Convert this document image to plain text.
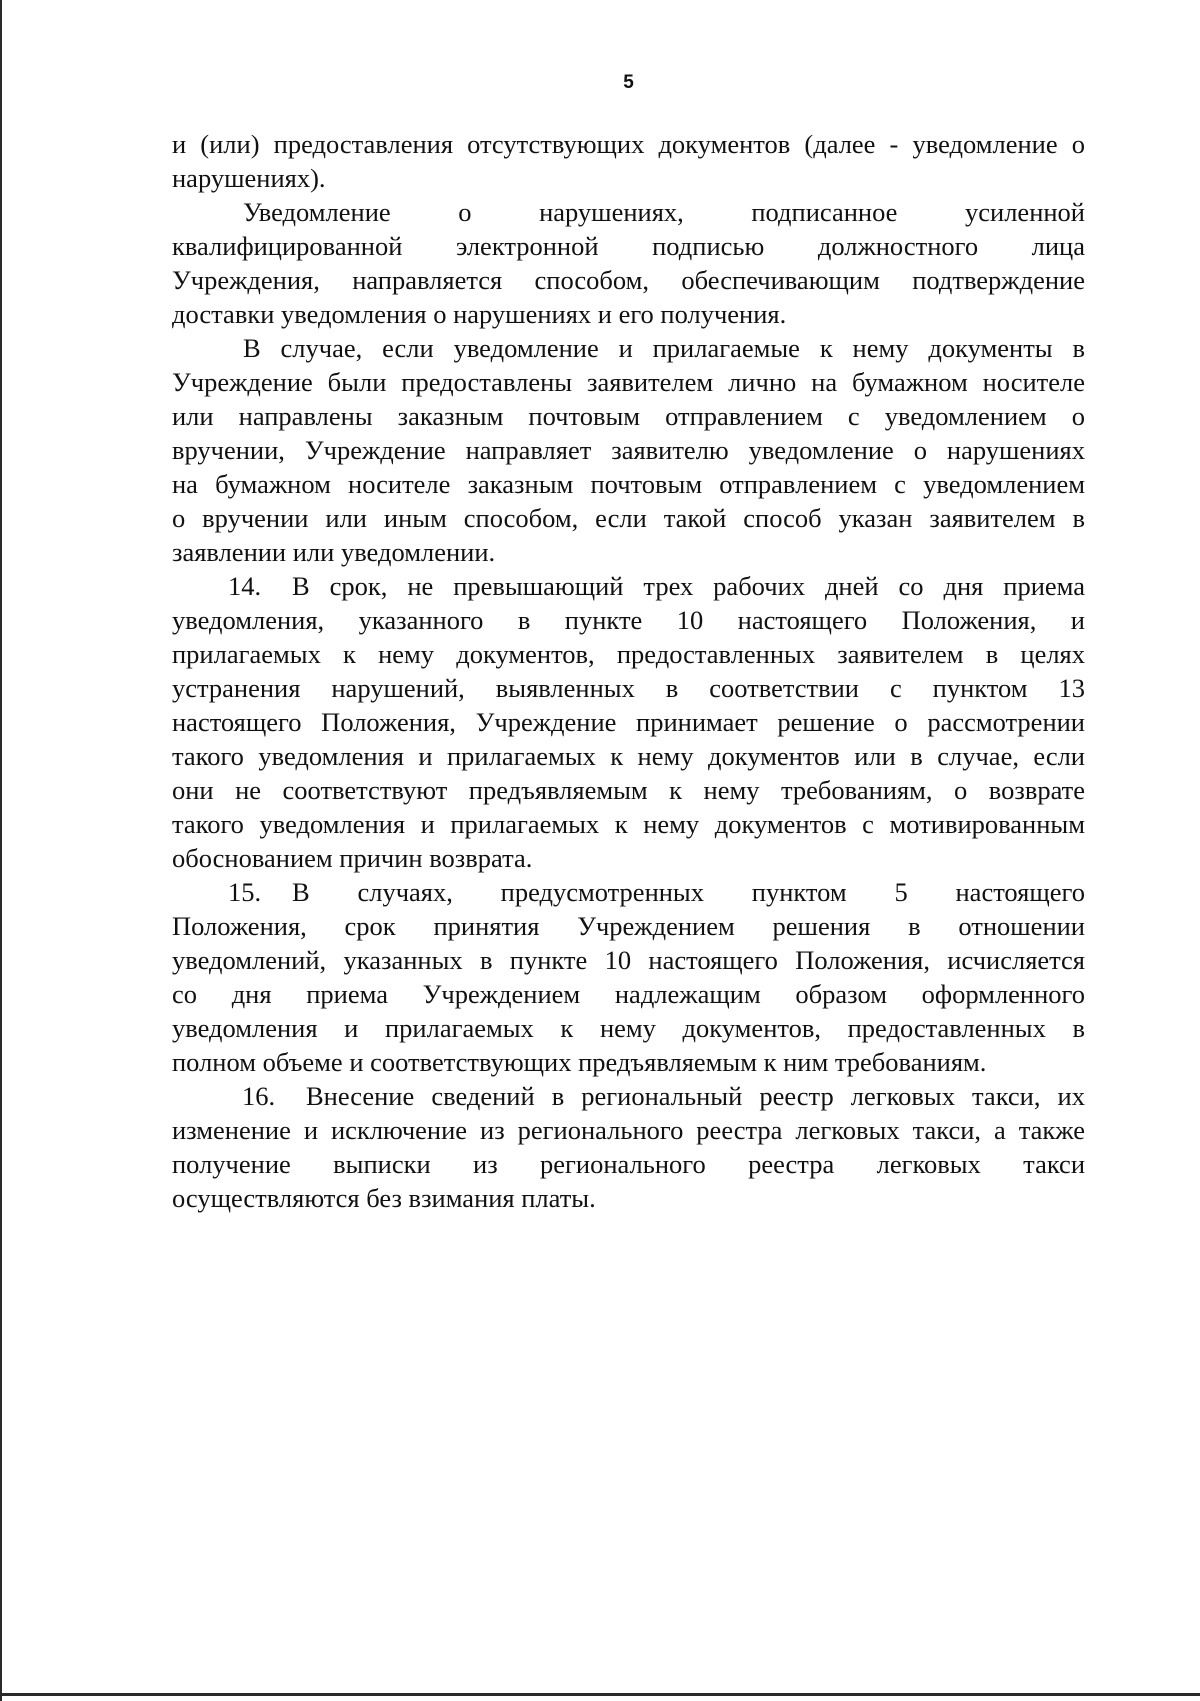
5
и (или) предоставления отсутствующих документов (далее - уведомление о
нарушениях).
Уведомление о нарушениях, подписанное усиленной
квалифицированной электронной подписью должностного лица
Учреждения, направляется способом, обеспечивающим подтверждение
доставки уведомления о нарушениях и его получения.
В случае, если уведомление и прилагаемые к нему документы в
Учреждение были предоставлены заявителем лично на бумажном носителе
или направлены заказным почтовым отправлением с уведомлением о
вручении, Учреждение направляет заявителю уведомление о нарушениях
на бумажном носителе заказным почтовым отправлением с уведомлением
о вручении или иным способом, если такой способ указан заявителем в
заявлении или уведомлении.
14.	В срок, не превышающий трех рабочих дней со дня приема
уведомления, указанного в пункте 10 настоящего Положения, и
прилагаемых к нему документов, предоставленных заявителем в целях
устранения нарушений, выявленных в соответствии с пунктом 13
настоящего Положения, Учреждение принимает решение о рассмотрении
такого уведомления и прилагаемых к нему документов или в случае, если
они не соответствуют предъявляемым к нему требованиям, о возврате
такого уведомления и прилагаемых к нему документов с мотивированным
обоснованием причин возврата.
15.	В случаях, предусмотренных пунктом 5 настоящего
Положения, срок принятия Учреждением решения в отношении
уведомлений, указанных в пункте 10 настоящего Положения, исчисляется
со дня приема Учреждением надлежащим образом оформленного
уведомления и прилагаемых к нему документов, предоставленных в
полном объеме и соответствующих предъявляемым к ним требованиям.
16.	Внесение сведений в региональный реестр легковых такси, их
изменение и исключение из регионального реестра легковых такси, а также
получение выписки из регионального реестра легковых такси
осуществляются без взимания платы.
